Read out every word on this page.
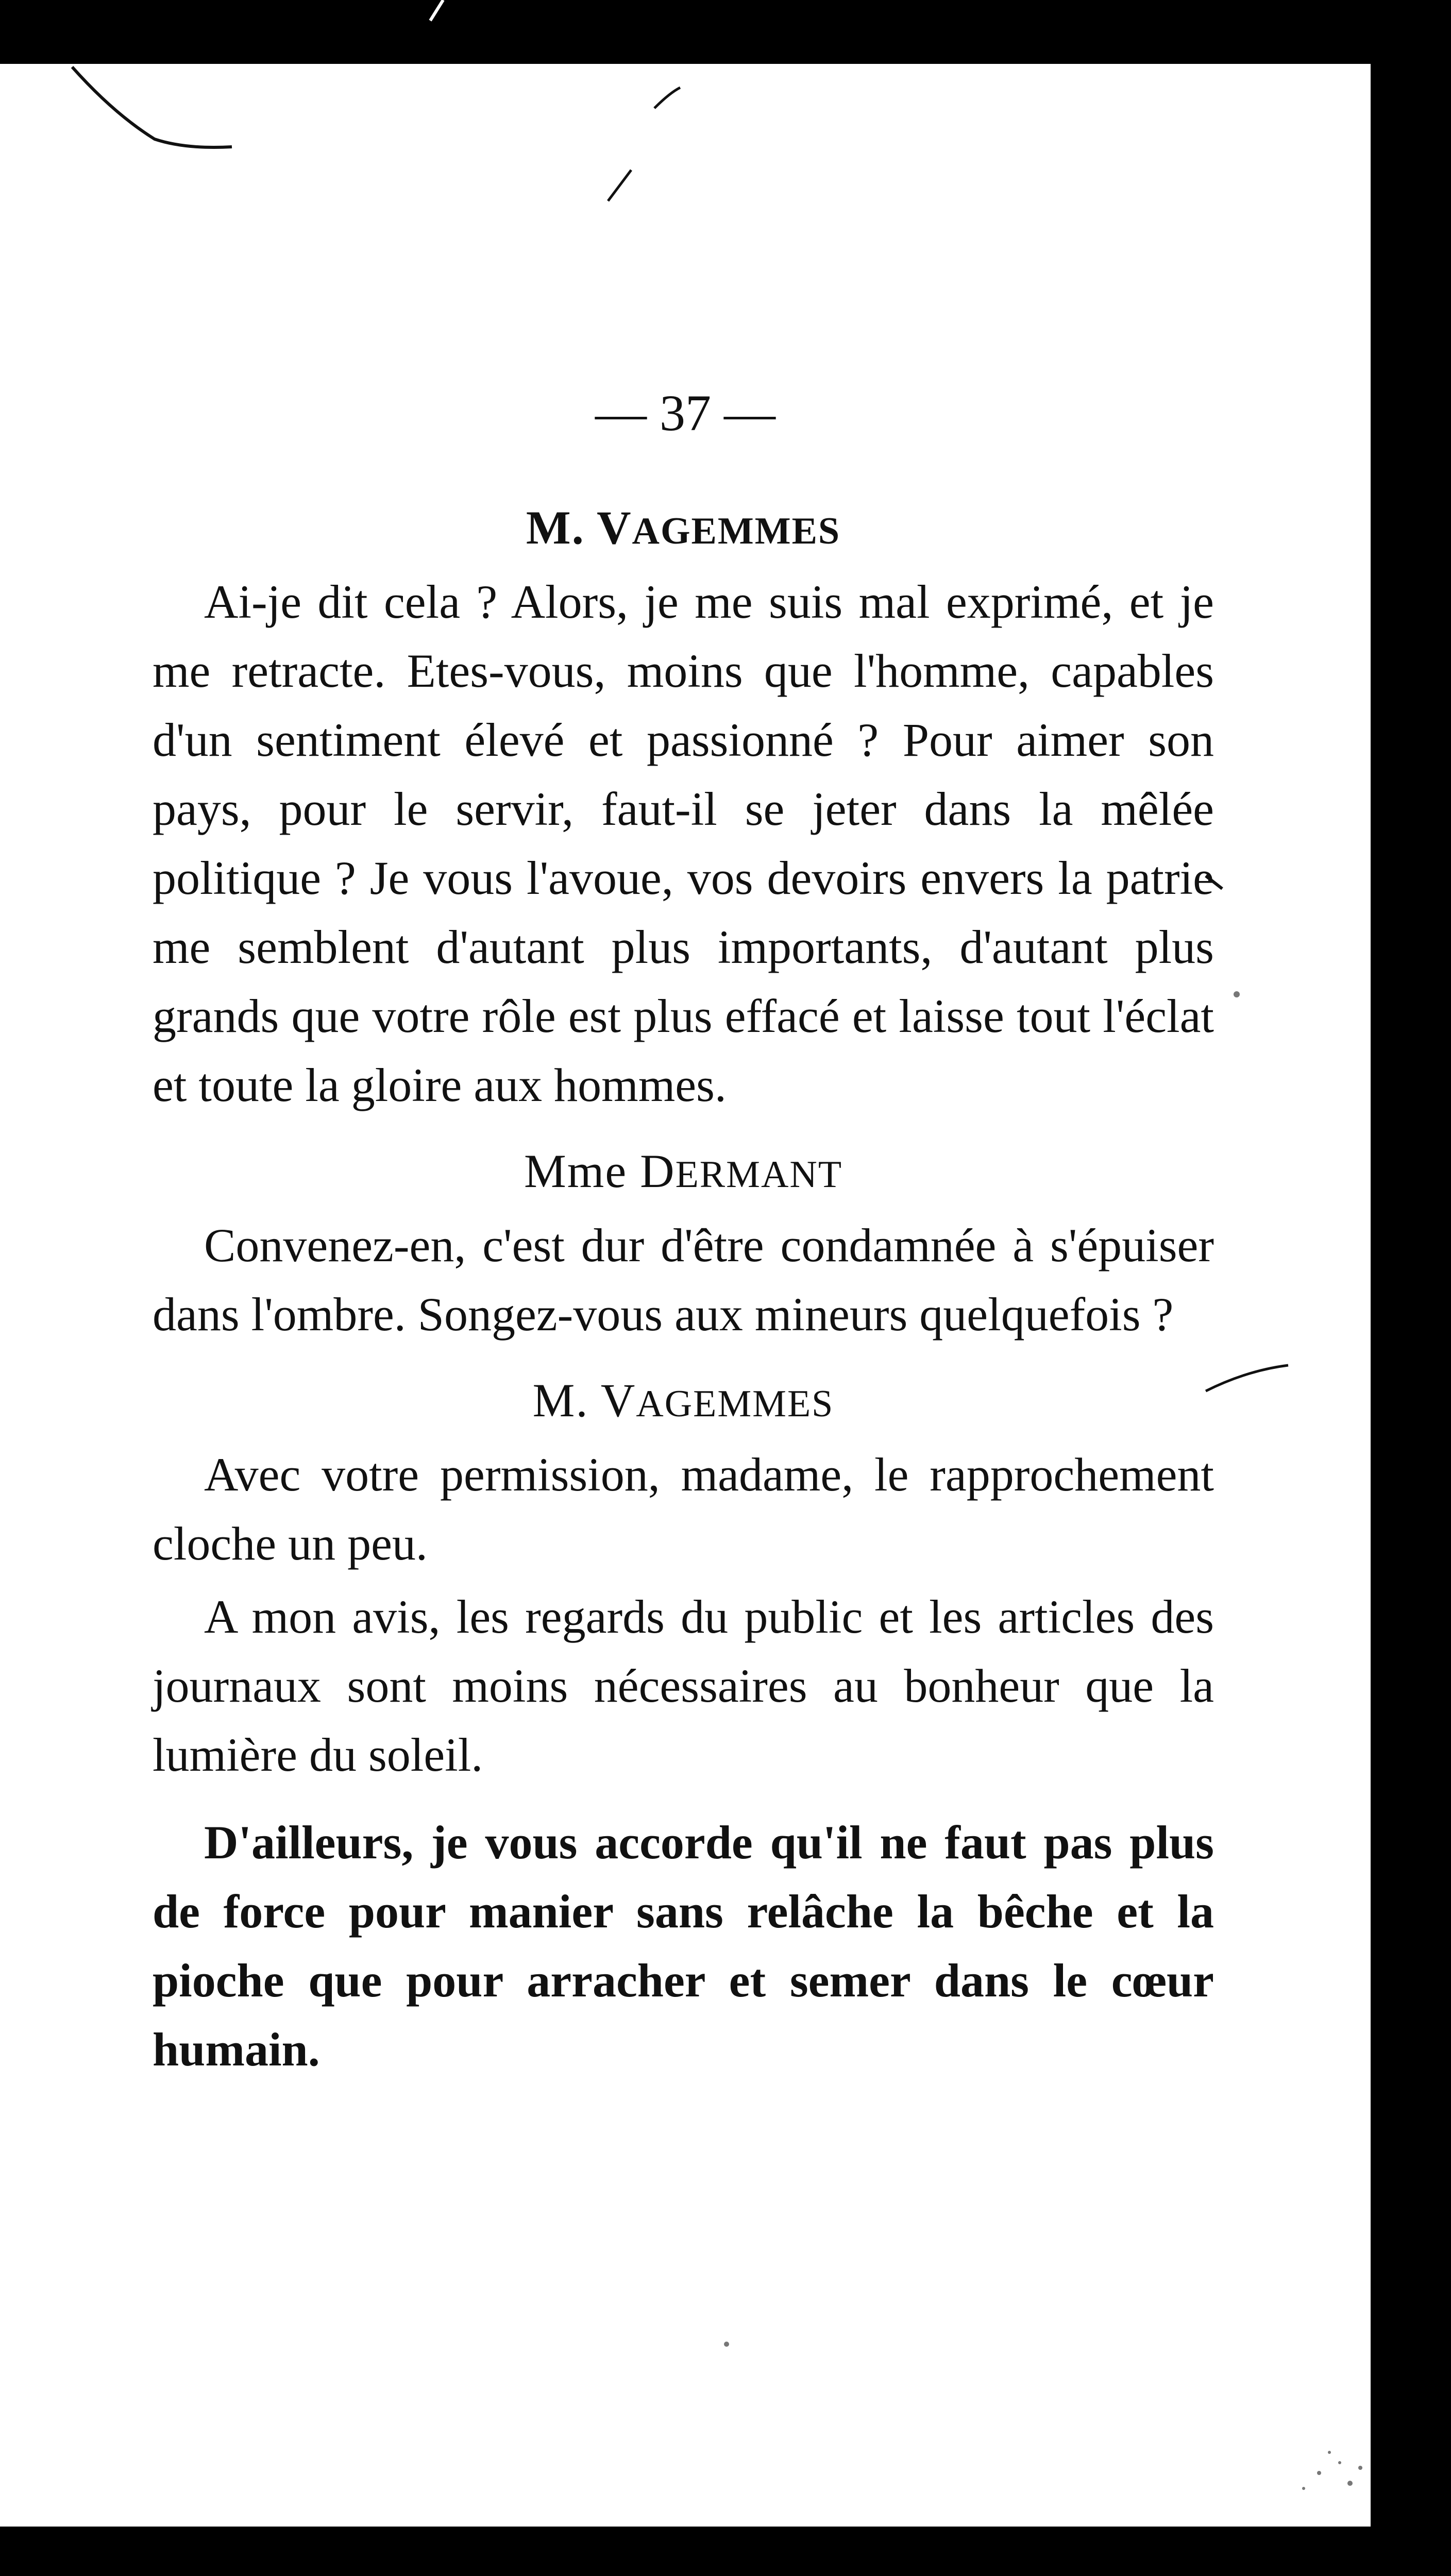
— 37 —
M. VAGEMMES

Ai-je dit cela ? Alors, je me suis mal exprimé, et je me retracte. Etes-vous, moins que l'homme, capables d'un sentiment élevé et passionné ? Pour aimer son pays, pour le servir, faut-il se jeter dans la mêlée politique ? Je vous l'avoue, vos devoirs envers la patrie me semblent d'autant plus importants, d'autant plus grands que votre rôle est plus effacé et laisse tout l'éclat et toute la gloire aux hommes.

Mme DERMANT

Convenez-en, c'est dur d'être condamnée à s'épuiser dans l'ombre. Songez-vous aux mineurs quelquefois ?

M. VAGEMMES

Avec votre permission, madame, le rapprochement cloche un peu.

A mon avis, les regards du public et les articles des journaux sont moins nécessaires au bonheur que la lumière du soleil.

D'ailleurs, je vous accorde qu'il ne faut pas plus de force pour manier sans relâche la bêche et la pioche que pour arracher et semer dans le cœur humain.
